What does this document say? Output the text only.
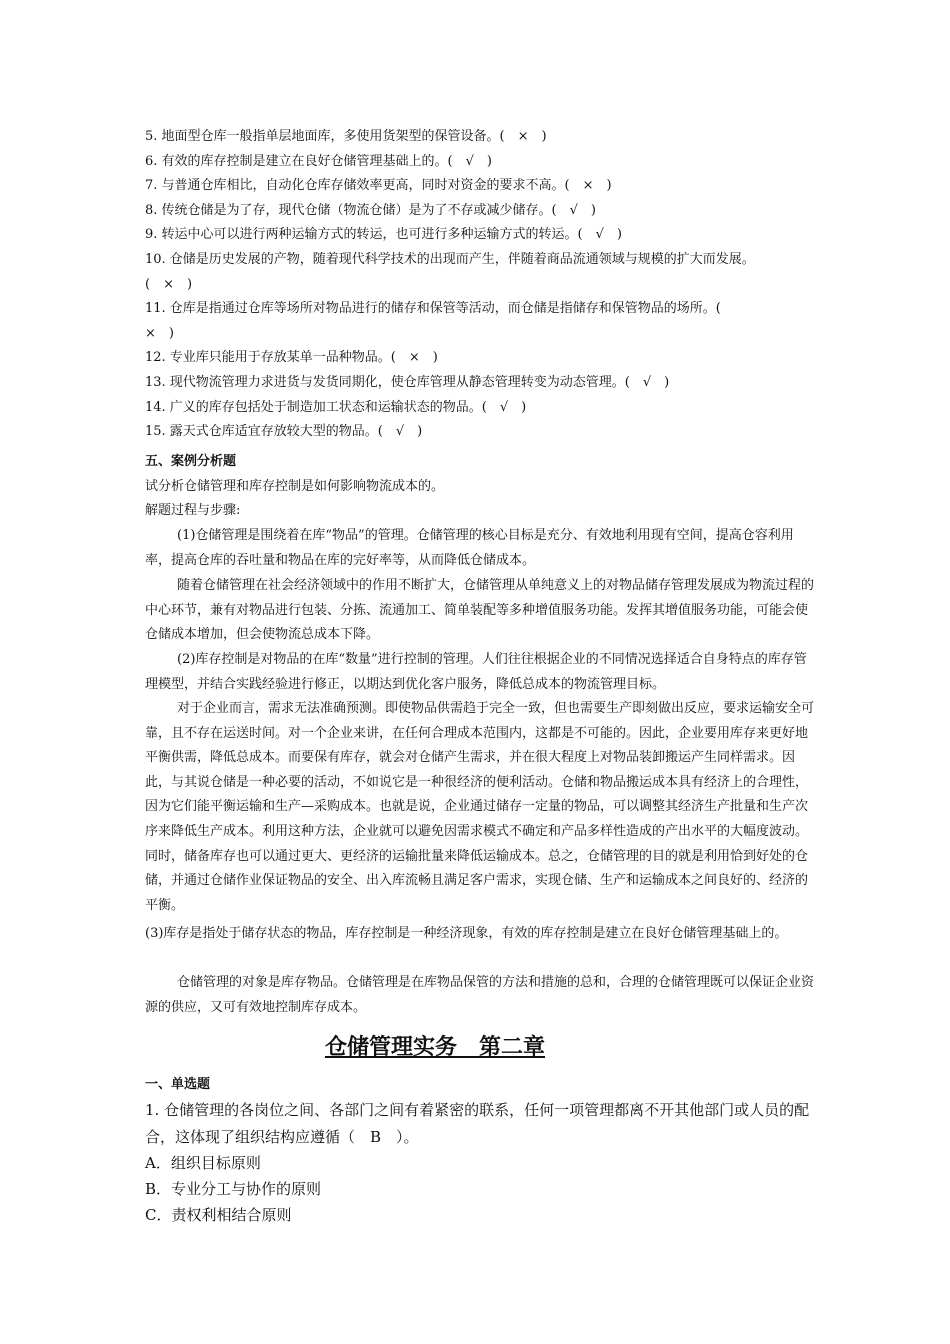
5. 地面型仓库一般指单层地面库，多使用货架型的保管设备。(　×　)
6. 有效的库存控制是建立在良好仓储管理基础上的。(　√　)
7. 与普通仓库相比，自动化仓库存储效率更高，同时对资金的要求不高。(　×　)
8. 传统仓储是为了存，现代仓储（物流仓储）是为了不存或减少储存。(　√　)
9. 转运中心可以进行两种运输方式的转运，也可进行多种运输方式的转运。(　√　)
10. 仓储是历史发展的产物，随着现代科学技术的出现而产生，伴随着商品流通领域与规模的扩大而发展。
(　×　)
11. 仓库是指通过仓库等场所对物品进行的储存和保管等活动，而仓储是指储存和保管物品的场所。(
×　)
12. 专业库只能用于存放某单一品种物品。(　×　)
13. 现代物流管理力求进货与发货同期化，使仓库管理从静态管理转变为动态管理。(　√　)
14. 广义的库存包括处于制造加工状态和运输状态的物品。(　√　)
15. 露天式仓库适宜存放较大型的物品。(　√　)
五、案例分析题
试分析仓储管理和库存控制是如何影响物流成本的。
解题过程与步骤:
(1)仓储管理是围绕着在库“物品”的管理。仓储管理的核心目标是充分、有效地利用现有空间，提高仓容利用率，提高仓库的吞吐量和物品在库的完好率等，从而降低仓储成本。
随着仓储管理在社会经济领域中的作用不断扩大，仓储管理从单纯意义上的对物品储存管理发展成为物流过程的中心环节，兼有对物品进行包装、分拣、流通加工、简单装配等多种增值服务功能。发挥其增值服务功能，可能会使仓储成本增加，但会使物流总成本下降。
(2)库存控制是对物品的在库“数量”进行控制的管理。人们往往根据企业的不同情况选择适合自身特点的库存管理模型，并结合实践经验进行修正，以期达到优化客户服务，降低总成本的物流管理目标。
对于企业而言，需求无法准确预测。即使物品供需趋于完全一致，但也需要生产即刻做出反应，要求运输安全可靠，且不存在运送时间。对一个企业来讲，在任何合理成本范围内，这都是不可能的。因此，企业要用库存来更好地平衡供需，降低总成本。而要保有库存，就会对仓储产生需求，并在很大程度上对物品装卸搬运产生同样需求。因此，与其说仓储是一种必要的活动，不如说它是一种很经济的便利活动。仓储和物品搬运成本具有经济上的合理性，因为它们能平衡运输和生产—采购成本。也就是说，企业通过储存一定量的物品，可以调整其经济生产批量和生产次序来降低生产成本。利用这种方法，企业就可以避免因需求模式不确定和产品多样性造成的产出水平的大幅度波动。同时，储备库存也可以通过更大、更经济的运输批量来降低运输成本。总之，仓储管理的目的就是利用恰到好处的仓储，并通过仓储作业保证物品的安全、出入库流畅且满足客户需求，实现仓储、生产和运输成本之间良好的、经济的平衡。
(3)库存是指处于储存状态的物品，库存控制是一种经济现象，有效的库存控制是建立在良好仓储管理基础上的。
仓储管理的对象是库存物品。仓储管理是在库物品保管的方法和措施的总和，合理的仓储管理既可以保证企业资源的供应，又可有效地控制库存成本。
仓储管理实务　第二章
一、单选题
1. 仓储管理的各岗位之间、各部门之间有着紧密的联系，任何一项管理都离不开其他部门或人员的配合，这体现了组织结构应遵循（　B　）。
A．组织目标原则
B．专业分工与协作的原则
C．责权利相结合原则
